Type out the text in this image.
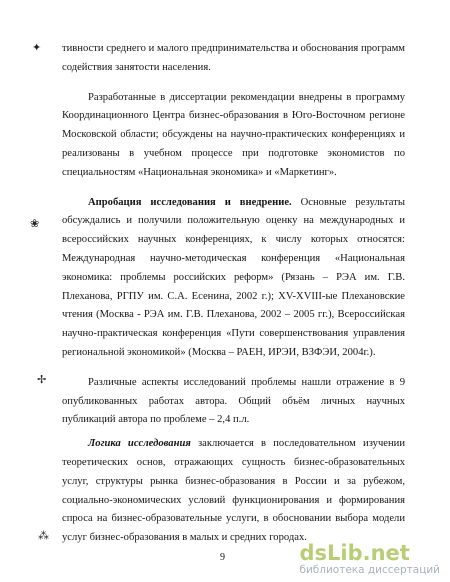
✦
❀
✢
⁂

тивности среднего и малого предпринимательства и обоснования программ содействия занятости населения.

Разработанные в диссертации рекомендации внедрены в программу Координационного Центра бизнес-образования в Юго-Восточном регионе Московской области; обсуждены на научно-практических конференциях и реализованы в учебном процессе при подготовке экономистов по специальностям «Национальная экономика» и «Маркетинг».

Апробация исследования и внедрение. Основные результаты обсуждались и получили положительную оценку на международных и всероссийских научных конференциях, к числу которых относятся: Международная научно-методическая конференция «Национальная экономика: проблемы российских реформ» (Рязань – РЭА им. Г.В. Плеханова, РГПУ им. С.А. Есенина, 2002 г.); XV-XVIII-ые Плехановские чтения (Москва - РЭА им. Г.В. Плеханова, 2002 – 2005 гг.), Всероссийская научно-практическая конференция «Пути совершенствования управления региональной экономикой» (Москва – РАЕН, ИРЭИ, ВЗФЭИ, 2004г.).

Различные аспекты исследований проблемы нашли отражение в 9 опубликованных работах автора. Общий объём личных научных публикаций автора по проблеме – 2,4 п.л.

Логика исследования заключается в последовательном изучении теоретических основ, отражающих сущность бизнес-образовательных услуг, структуры рынка бизнес-образования в России и за рубежом, социально-экономических условий функционирования и формирования спроса на бизнес-образовательные услуги, в обосновании выбора модели услуг бизнес-образования в малых и средних городах.

9	dsLib.net
библиотека диссертаций
